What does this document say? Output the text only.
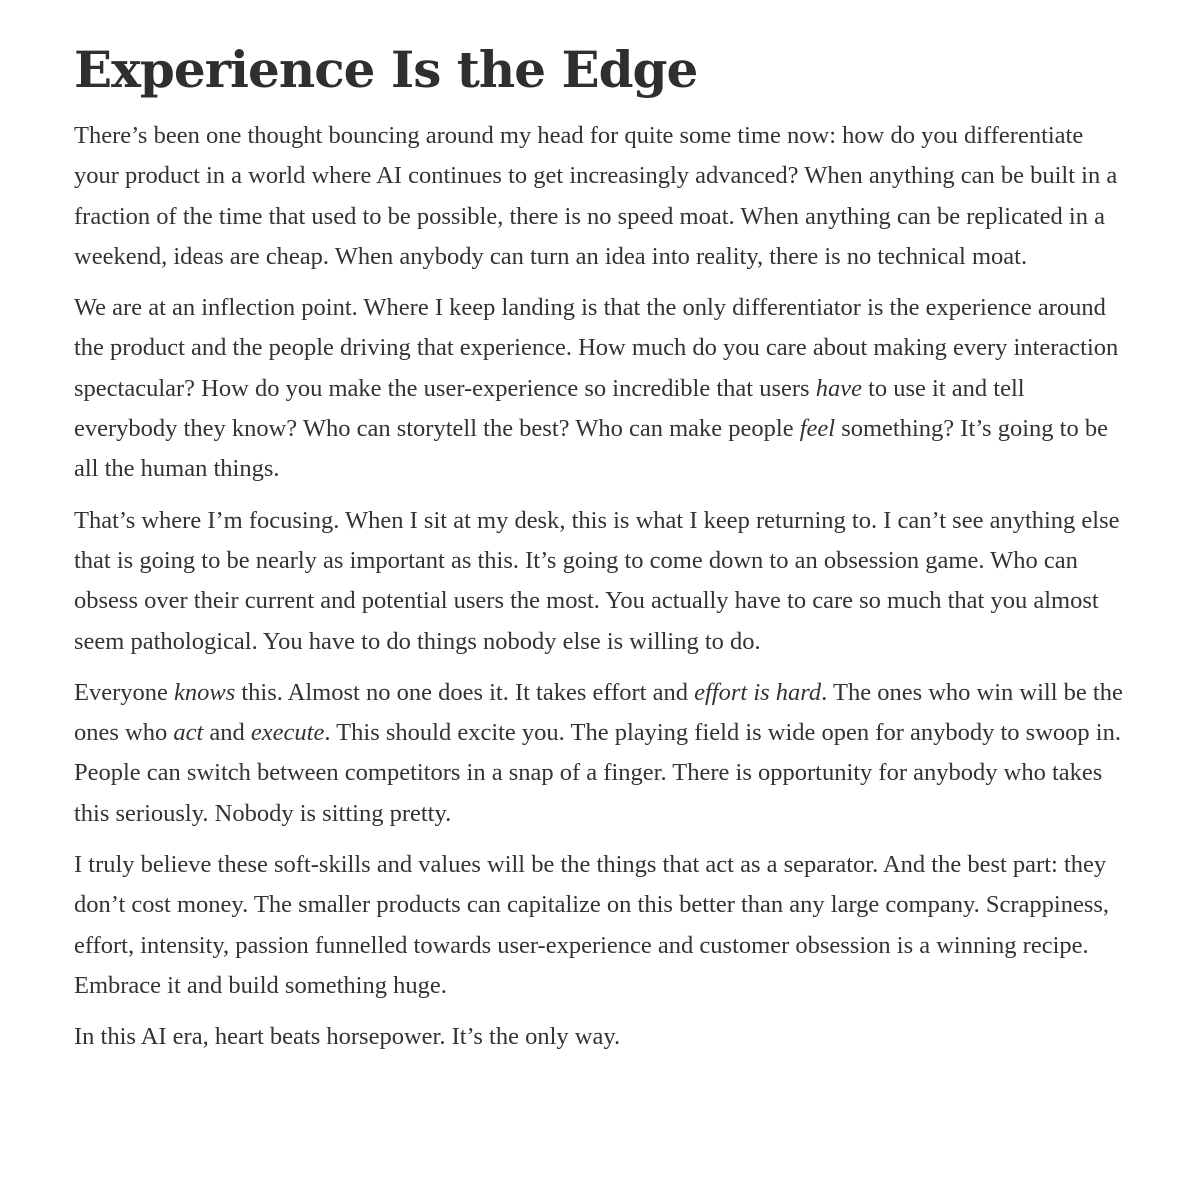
Experience Is the Edge

There’s been one thought bouncing around my head for quite some time now: how do you differentiate your product in a world where AI continues to get increasingly advanced? When anything can be built in a fraction of the time that used to be possible, there is no speed moat. When anything can be replicated in a weekend, ideas are cheap. When anybody can turn an idea into reality, there is no technical moat.

We are at an inflection point. Where I keep landing is that the only differentiator is the experience around the product and the people driving that experience. How much do you care about making every interaction spectacular? How do you make the user-experience so incredible that users have to use it and tell everybody they know? Who can storytell the best? Who can make people feel something? It’s going to be all the human things.

That’s where I’m focusing. When I sit at my desk, this is what I keep returning to. I can’t see anything else that is going to be nearly as important as this. It’s going to come down to an obsession game. Who can obsess over their current and potential users the most. You actually have to care so much that you almost seem pathological. You have to do things nobody else is willing to do.

Everyone knows this. Almost no one does it. It takes effort and effort is hard. The ones who win will be the ones who act and execute. This should excite you. The playing field is wide open for anybody to swoop in. People can switch between competitors in a snap of a finger. There is opportunity for anybody who takes this seriously. Nobody is sitting pretty.

I truly believe these soft-skills and values will be the things that act as a separator. And the best part: they don’t cost money. The smaller products can capitalize on this better than any large company. Scrappiness, effort, intensity, passion funnelled towards user-experience and customer obsession is a winning recipe. Embrace it and build something huge.

In this AI era, heart beats horsepower. It’s the only way.
